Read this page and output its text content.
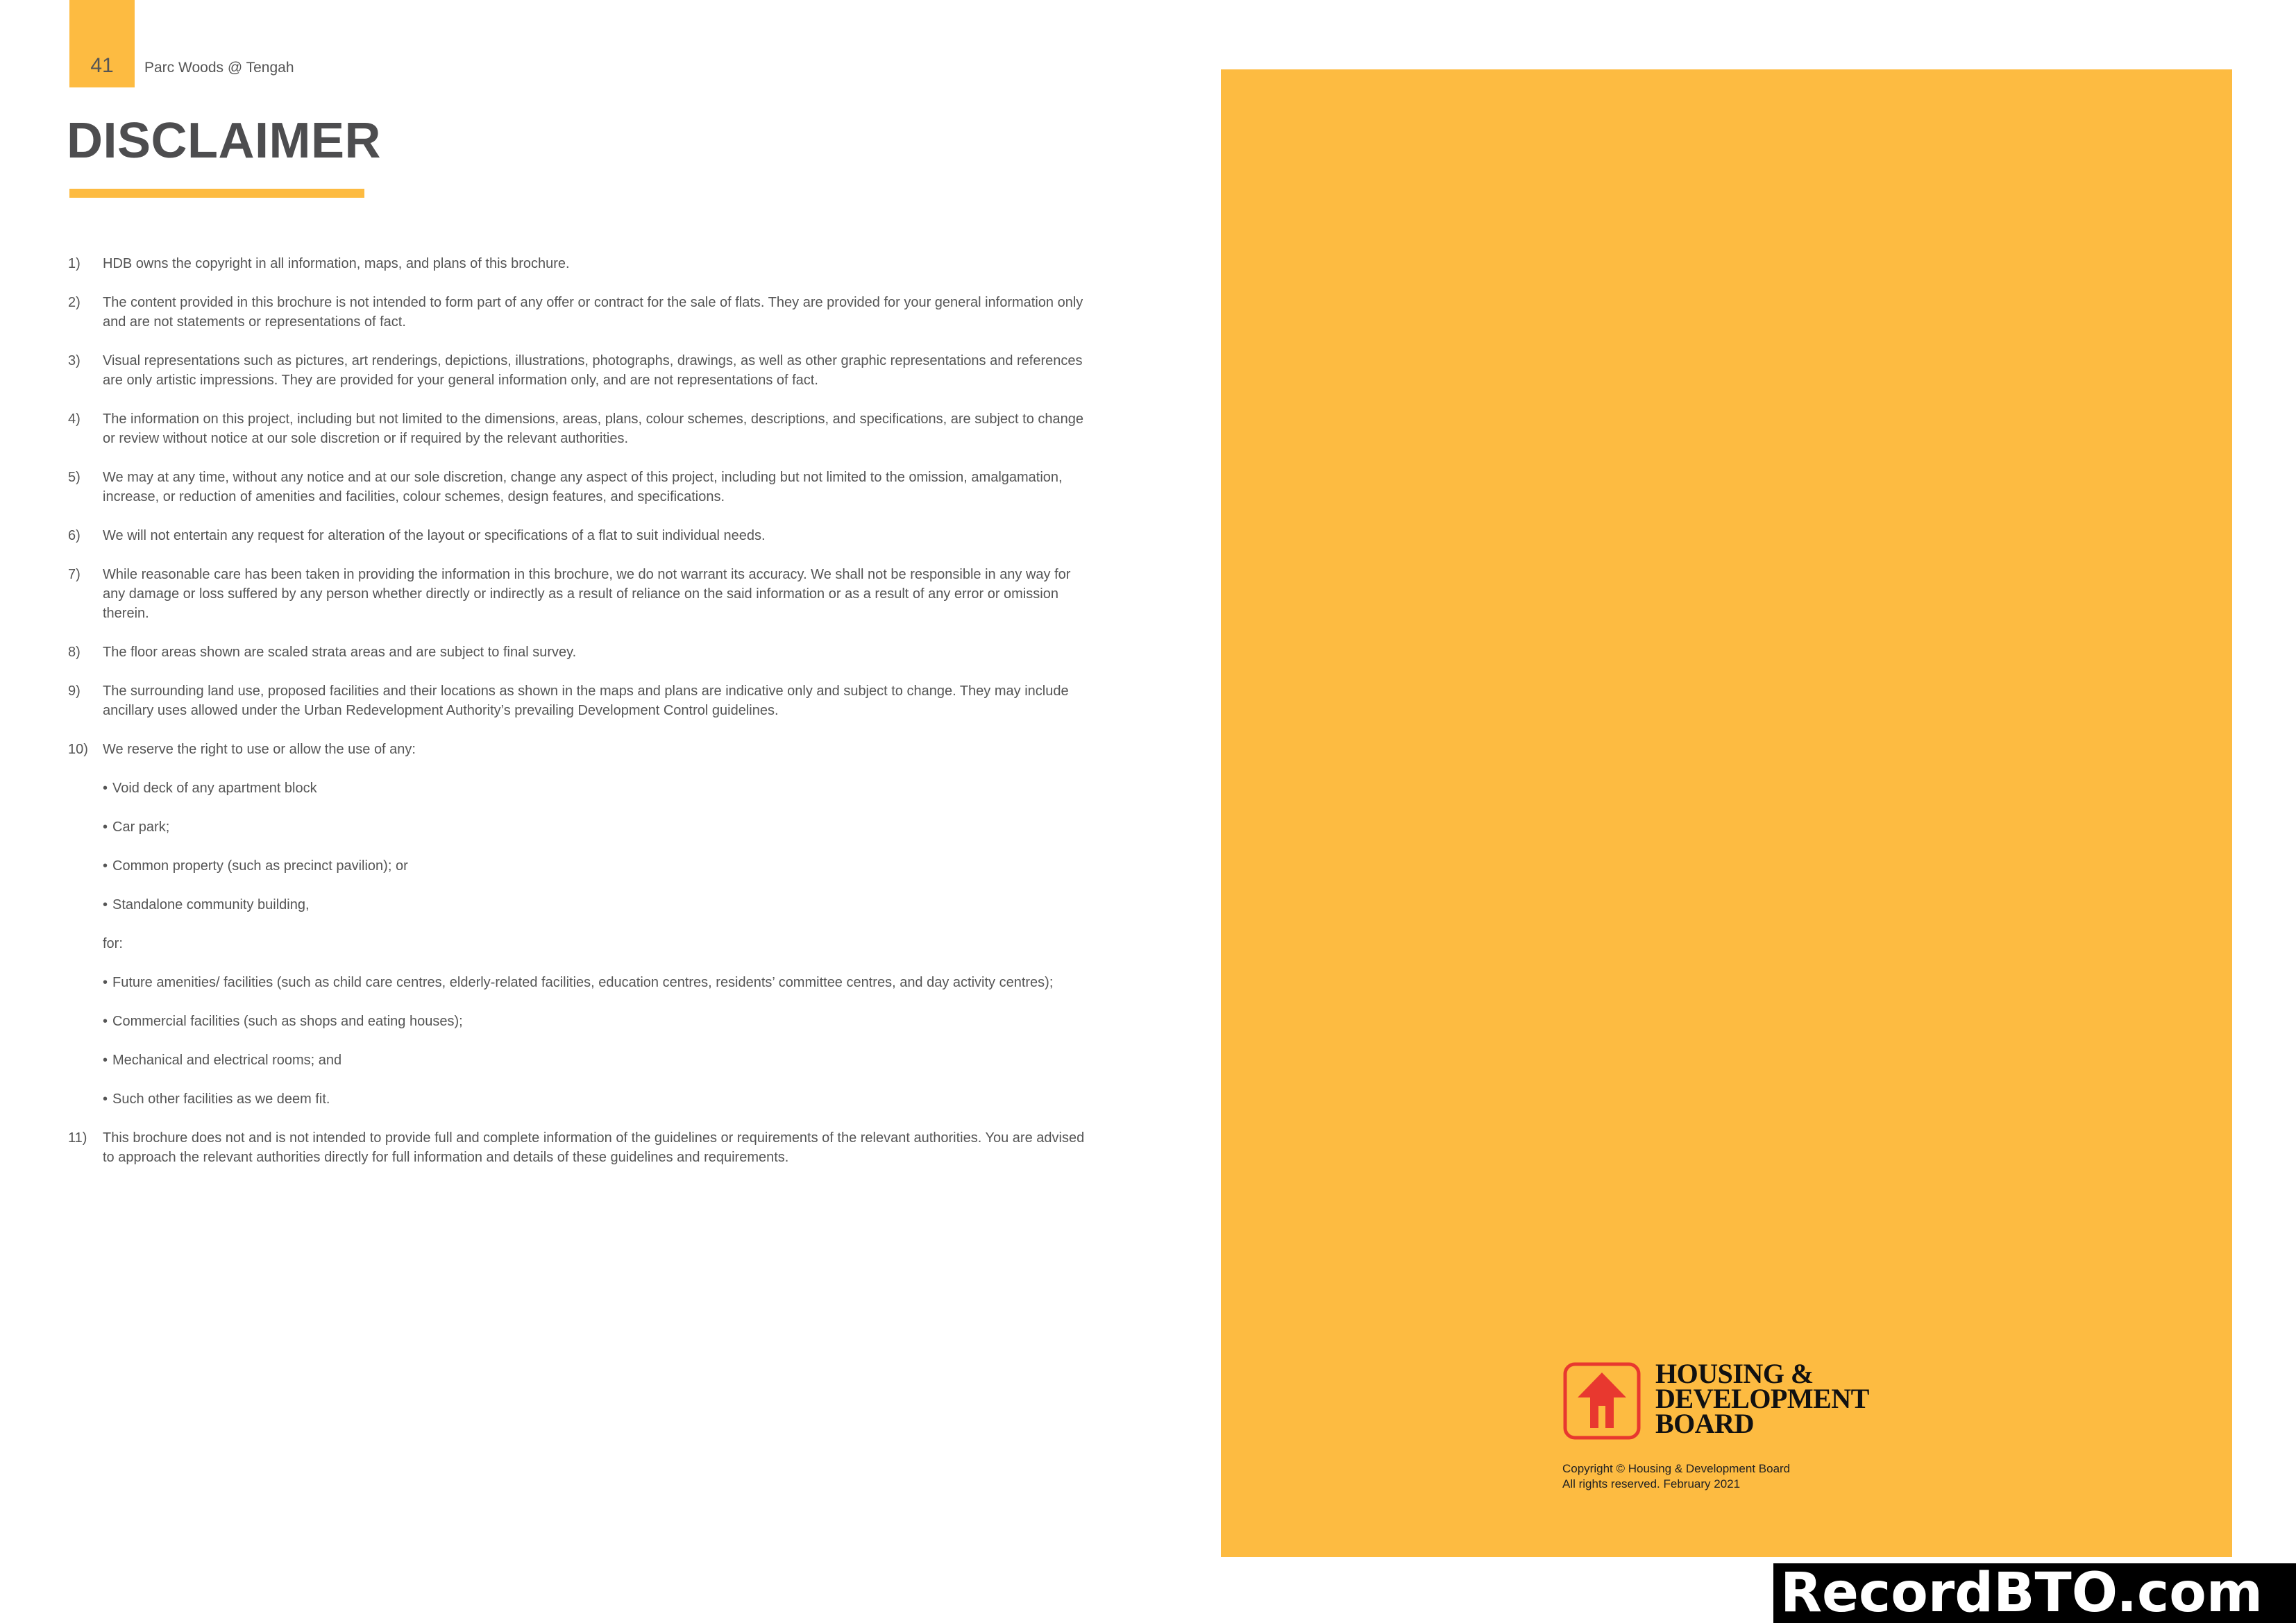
41 Parc Woods @ Tengah
DISCLAIMER
1) HDB owns the copyright in all information, maps, and plans of this brochure.
2) The content provided in this brochure is not intended to form part of any offer or contract for the sale of flats. They are provided for your general information only and are not statements or representations of fact.
3) Visual representations such as pictures, art renderings, depictions, illustrations, photographs, drawings, as well as other graphic representations and references are only artistic impressions. They are provided for your general information only, and are not representations of fact.
4) The information on this project, including but not limited to the dimensions, areas, plans, colour schemes, descriptions, and specifications, are subject to change or review without notice at our sole discretion or if required by the relevant authorities.
5) We may at any time, without any notice and at our sole discretion, change any aspect of this project, including but not limited to the omission, amalgamation, increase, or reduction of amenities and facilities, colour schemes, design features, and specifications.
6) We will not entertain any request for alteration of the layout or specifications of a flat to suit individual needs.
7) While reasonable care has been taken in providing the information in this brochure, we do not warrant its accuracy. We shall not be responsible in any way for any damage or loss suffered by any person whether directly or indirectly as a result of reliance on the said information or as a result of any error or omission therein.
8) The floor areas shown are scaled strata areas and are subject to final survey.
9) The surrounding land use, proposed facilities and their locations as shown in the maps and plans are indicative only and subject to change. They may include ancillary uses allowed under the Urban Redevelopment Authority’s prevailing Development Control guidelines.
10) We reserve the right to use or allow the use of any:
• Void deck of any apartment block
• Car park;
• Common property (such as precinct pavilion); or
• Standalone community building,

for:

• Future amenities/ facilities (such as child care centres, elderly-related facilities, education centres, residents’ committee centres, and day activity centres);
• Commercial facilities (such as shops and eating houses);
• Mechanical and electrical rooms; and
• Such other facilities as we deem fit.
11) This brochure does not and is not intended to provide full and complete information of the guidelines or requirements of the relevant authorities. You are advised to approach the relevant authorities directly for full information and details of these guidelines and requirements.

HOUSING &
DEVELOPMENT
BOARD

Copyright © Housing & Development Board
All rights reserved. February 2021
RecordBTO.com
